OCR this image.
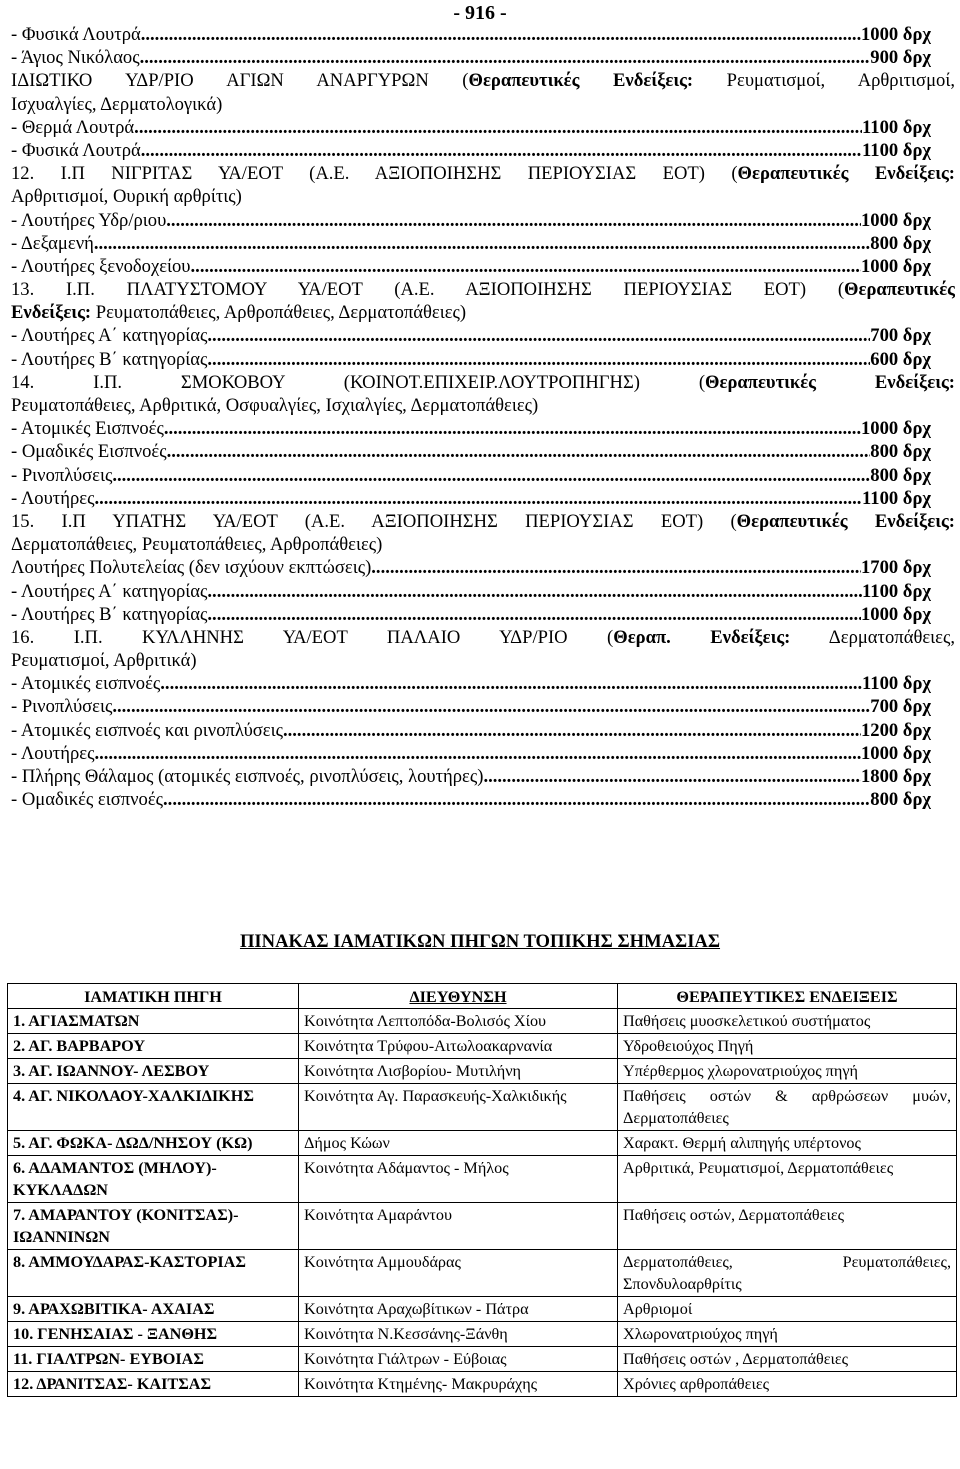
- 916 -
- Φυσικά Λουτρά .....	1000 δρχ
- Άγιος Νικόλαος .....	900 δρχ
ΙΔΙΩΤΙΚΟ ΥΔΡ/ΡΙΟ ΑΓΙΩΝ ΑΝΑΡΓΥΡΩΝ (Θεραπευτικές Ενδείξεις: Ρευματισμοί, Αρθριτισμοί,
Ισχυαλγίες, Δερματολογικά)
- Θερμά Λουτρά .....	1100 δρχ
- Φυσικά Λουτρά .....	1100 δρχ
12. Ι.Π ΝΙΓΡΙΤΑΣ ΥΑ/ΕΟΤ (Α.Ε. ΑΞΙΟΠΟΙΗΣΗΣ ΠΕΡΙΟΥΣΙΑΣ ΕΟΤ) (Θεραπευτικές Ενδείξεις:
Αρθριτισμοί, Ουρική αρθρίτις)
- Λουτήρες Υδρ/ριου .....	1000 δρχ
- Δεξαμενή .....	800 δρχ
- Λουτήρες ξενοδοχείου .....	1000 δρχ
13. Ι.Π. ΠΛΑΤΥΣΤΟΜΟΥ ΥΑ/ΕΟΤ (Α.Ε. ΑΞΙΟΠΟΙΗΣΗΣ ΠΕΡΙΟΥΣΙΑΣ ΕΟΤ) (Θεραπευτικές
Ενδείξεις: Ρευματοπάθειες, Αρθροπάθειες, Δερματοπάθειες)
- Λουτήρες Α΄ κατηγορίας .....	700 δρχ
- Λουτήρες Β΄ κατηγορίας .....	600 δρχ
14. Ι.Π. ΣΜΟΚΟΒΟΥ (ΚΟΙΝΟΤ.ΕΠΙΧΕΙΡ.ΛΟΥΤΡΟΠΗΓΗΣ) (Θεραπευτικές Ενδείξεις:
Ρευματοπάθειες, Αρθριτικά, Οσφυαλγίες, Ισχιαλγίες, Δερματοπάθειες)
- Ατομικές Εισπνοές .....	1000 δρχ
- Ομαδικές Εισπνοές .....	800 δρχ
- Ρινοπλύσεις .....	800 δρχ
- Λουτήρες .....	1100 δρχ
15. Ι.Π ΥΠΑΤΗΣ ΥΑ/ΕΟΤ (Α.Ε. ΑΞΙΟΠΟΙΗΣΗΣ ΠΕΡΙΟΥΣΙΑΣ ΕΟΤ) (Θεραπευτικές Ενδείξεις:
Δερματοπάθειες, Ρευματοπάθειες, Αρθροπάθειες)
Λουτήρες Πολυτελείας (δεν ισχύουν εκπτώσεις) .....	1700 δρχ
- Λουτήρες Α΄ κατηγορίας .....	1100 δρχ
- Λουτήρες Β΄ κατηγορίας .....	1000 δρχ
16. Ι.Π. ΚΥΛΛΗΝΗΣ ΥΑ/ΕΟΤ ΠΑΛΑΙΟ ΥΔΡ/ΡΙΟ (Θεραπ. Ενδείξεις: Δερματοπάθειες,
Ρευματισμοί, Αρθριτικά)
- Ατομικές εισπνοές .....	1100 δρχ
- Ρινοπλύσεις .....	700 δρχ
- Ατομικές εισπνοές και ρινοπλύσεις .....	1200 δρχ
- Λουτήρες .....	1000 δρχ
- Πλήρης Θάλαμος (ατομικές εισπνοές, ρινοπλύσεις, λουτήρες) .....	1800 δρχ
- Ομαδικές εισπνοές .....	800 δρχ
ΠΙΝΑΚΑΣ ΙΑΜΑΤΙΚΩΝ ΠΗΓΩΝ ΤΟΠΙΚΗΣ ΣΗΜΑΣΙΑΣ
ΙΑΜΑΤΙΚΗ ΠΗΓΗ	ΔΙΕΥΘΥΝΣΗ	ΘΕΡΑΠΕΥΤΙΚΕΣ ΕΝΔΕΙΞΕΙΣ
1. ΑΓΙΑΣΜΑΤΩΝ	Κοινότητα Λεπτοπόδα-Βολισός Χίου	Παθήσεις μυοσκελετικού συστήματος
2. ΑΓ. ΒΑΡΒΑΡΟΥ	Κοινότητα Τρύφου-Αιτωλοακαρνανία	Υδροθειούχος Πηγή
3. ΑΓ. ΙΩΑΝΝΟΥ- ΛΕΣΒΟΥ	Κοινότητα Λισβορίου- Μυτιλήνη	Υπέρθερμος χλωρονατριούχος πηγή
4. ΑΓ. ΝΙΚΟΛΑΟΥ-ΧΑΛΚΙΔΙΚΗΣ	Κοινότητα Αγ. Παρασκευής-Χαλκιδικής	Παθήσεις οστών & αρθρώσεων μυών, Δερματοπάθειες
5. ΑΓ. ΦΩΚΑ- ΔΩΔ/ΝΗΣΟΥ (ΚΩ)	Δήμος Κώων	Χαρακτ. Θερμή αλιπηγής υπέρτονος
6. ΑΔΑΜΑΝΤΟΣ (ΜΗΛΟΥ)-ΚΥΚΛΑΔΩΝ	Κοινότητα Αδάμαντος - Μήλος	Αρθριτικά, Ρευματισμοί, Δερματοπάθειες
7. ΑΜΑΡΑΝΤΟΥ (ΚΟΝΙΤΣΑΣ)-ΙΩΑΝΝΙΝΩΝ	Κοινότητα Αμαράντου	Παθήσεις οστών, Δερματοπάθειες
8. ΑΜΜΟΥΔΑΡΑΣ-ΚΑΣΤΟΡΙΑΣ	Κοινότητα Αμμουδάρας	Δερματοπάθειες, Ρευματοπάθειες, Σπονδυλοαρθρίτις
9. ΑΡΑΧΩΒΙΤΙΚΑ- ΑΧΑΙΑΣ	Κοινότητα Αραχωβίτικων - Πάτρα	Αρθριομοί
10. ΓΕΝΗΣΑΙΑΣ - ΞΑΝΘΗΣ	Κοινότητα Ν.Κεσσάνης-Ξάνθη	Χλωρονατριούχος πηγή
11. ΓΙΑΛΤΡΩΝ- ΕΥΒΟΙΑΣ	Κοινότητα Γιάλτρων - Εύβοιας	Παθήσεις οστών , Δερματοπάθειες
12. ΔΡΑΝΙΤΣΑΣ- ΚΑΙΤΣΑΣ	Κοινότητα Κτημένης- Μακρυράχης	Χρόνιες αρθροπάθειες
